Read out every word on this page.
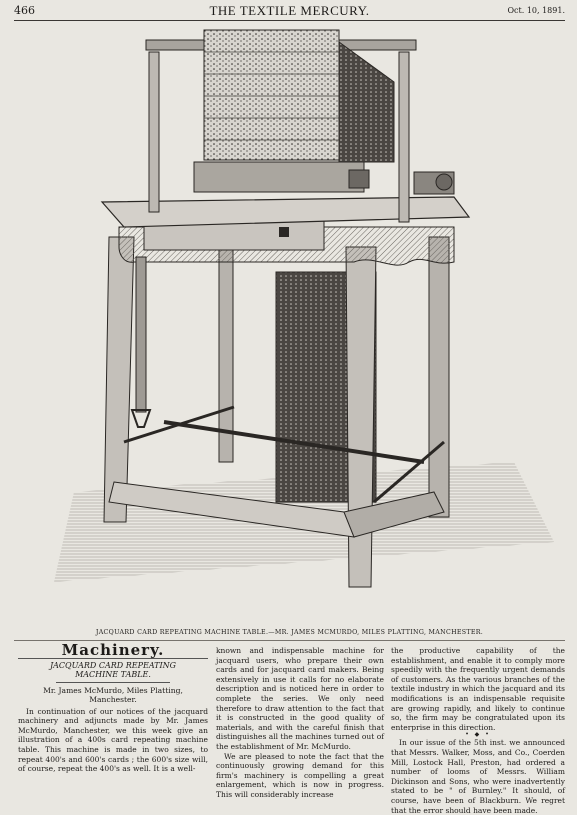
466	THE TEXTILE MERCURY.	Oct. 10, 1891.
JACQUARD CARD REPEATING MACHINE TABLE.—MR. JAMES MCMURDO, MILES PLATTING, MANCHESTER.
Machinery.
JACQUARD CARD REPEATING
MACHINE TABLE.
Mr. James McMurdo, Miles Platting,
Manchester.

In continuation of our notices of the jacquard machinery and adjuncts made by Mr. James McMurdo, Manchester, we this week give an illustration of a 400s card repeating machine table. This machine is made in two sizes, to repeat 400's and 600's cards ; the 600's size will, of course, repeat the 400's as well. It is a well-

known and indispensable machine for jacquard users, who prepare their own cards and for jacquard card makers. Being extensively in use it calls for no elaborate description and is noticed here in order to complete the series. We only need therefore to draw attention to the fact that it is constructed in the good quality of materials, and with the careful finish that distinguishes all the machines turned out of the establishment of Mr. McMurdo.

We are pleased to note the fact that the continuously growing demand for this firm's machinery is compelling a great enlargement, which is now in progress. This will considerably increase

the productive capability of the establishment, and enable it to comply more speedily with the frequently urgent demands of customers. As the various branches of the textile industry in which the jacquard and its modifications is an indispensable requisite are growing rapidly, and likely to continue so, the firm may be congratulated upon its enterprise in this direction.

• ◆ •

In our issue of the 5th inst. we announced that Messrs. Walker, Moss, and Co., Coerden Mill, Lostock Hall, Preston, had ordered a number of looms of Messrs. William Dickinson and Sons, who were inadvertently stated to be " of Burnley." It should, of course, have been of Blackburn. We regret that the error should have been made.
